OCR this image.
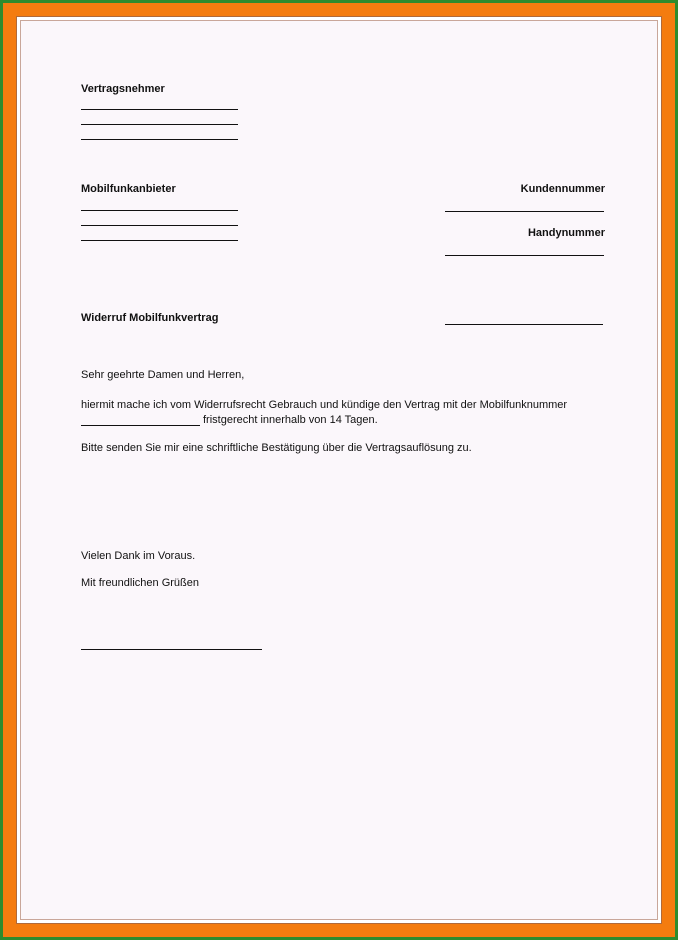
Vertragsnehmer
Mobilfunkanbieter	Kundennummer
Handynummer
Widerruf Mobilfunkvertrag
Sehr geehrte Damen und Herren,
hiermit mache ich vom Widerrufsrecht Gebrauch und kündige den Vertrag mit der Mobilfunknummer
fristgerecht innerhalb von 14 Tagen.
Bitte senden Sie mir eine schriftliche Bestätigung über die Vertragsauflösung zu.
Vielen Dank im Voraus.
Mit freundlichen Grüßen
